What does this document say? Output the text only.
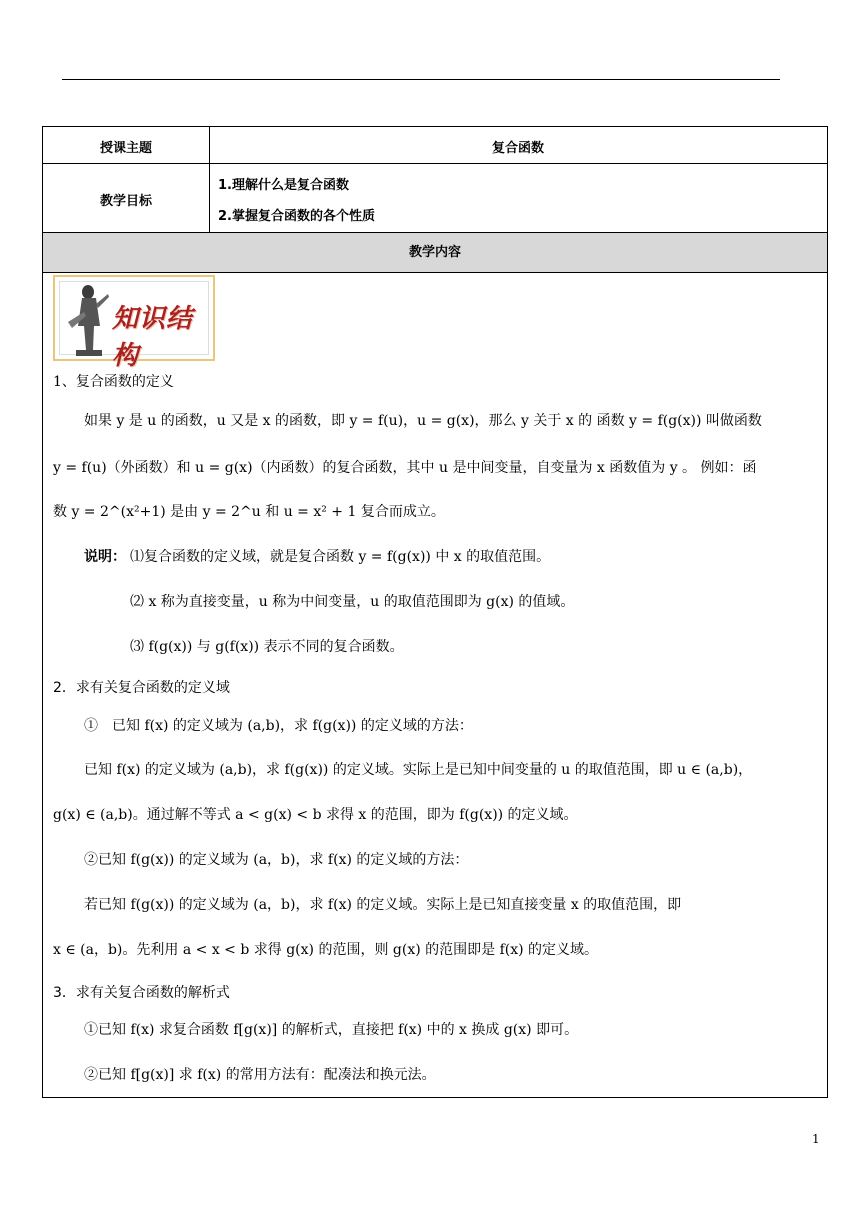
授课主题	复合函数
教学目标
1.理解什么是复合函数
2.掌握复合函数的各个性质
教学内容
知识结构
1、复合函数的定义
如果 y 是 u 的函数，u 又是 x 的函数，即 y = f(u)，u = g(x)，那么 y 关于 x 的 函数 y = f(g(x)) 叫做函数
y = f(u)（外函数）和 u = g(x)（内函数）的复合函数，其中 u 是中间变量，自变量为 x 函数值为 y 。 例如：函
数 y = 2^(x²+1) 是由 y = 2^u 和 u = x² + 1 复合而成立。
说明： ⑴复合函数的定义域，就是复合函数 y = f(g(x)) 中 x 的取值范围。
⑵ x 称为直接变量，u 称为中间变量，u 的取值范围即为 g(x) 的值域。
⑶ f(g(x)) 与 g(f(x)) 表示不同的复合函数。
2．求有关复合函数的定义域
①　已知 f(x) 的定义域为 (a,b)，求 f(g(x)) 的定义域的方法：
已知 f(x) 的定义域为 (a,b)，求 f(g(x)) 的定义域。实际上是已知中间变量的 u 的取值范围，即 u ∈ (a,b)，
g(x) ∈ (a,b)。通过解不等式 a < g(x) < b 求得 x 的范围，即为 f(g(x)) 的定义域。
②已知 f(g(x)) 的定义域为 (a，b)，求 f(x) 的定义域的方法：
若已知 f(g(x)) 的定义域为 (a，b)，求 f(x) 的定义域。实际上是已知直接变量 x 的取值范围，即
x ∈ (a，b)。先利用 a < x < b 求得 g(x) 的范围，则 g(x) 的范围即是 f(x) 的定义域。
3．求有关复合函数的解析式
①已知 f(x) 求复合函数 f[g(x)] 的解析式，直接把 f(x) 中的 x 换成 g(x) 即可。
②已知 f[g(x)] 求 f(x) 的常用方法有：配凑法和换元法。
1
